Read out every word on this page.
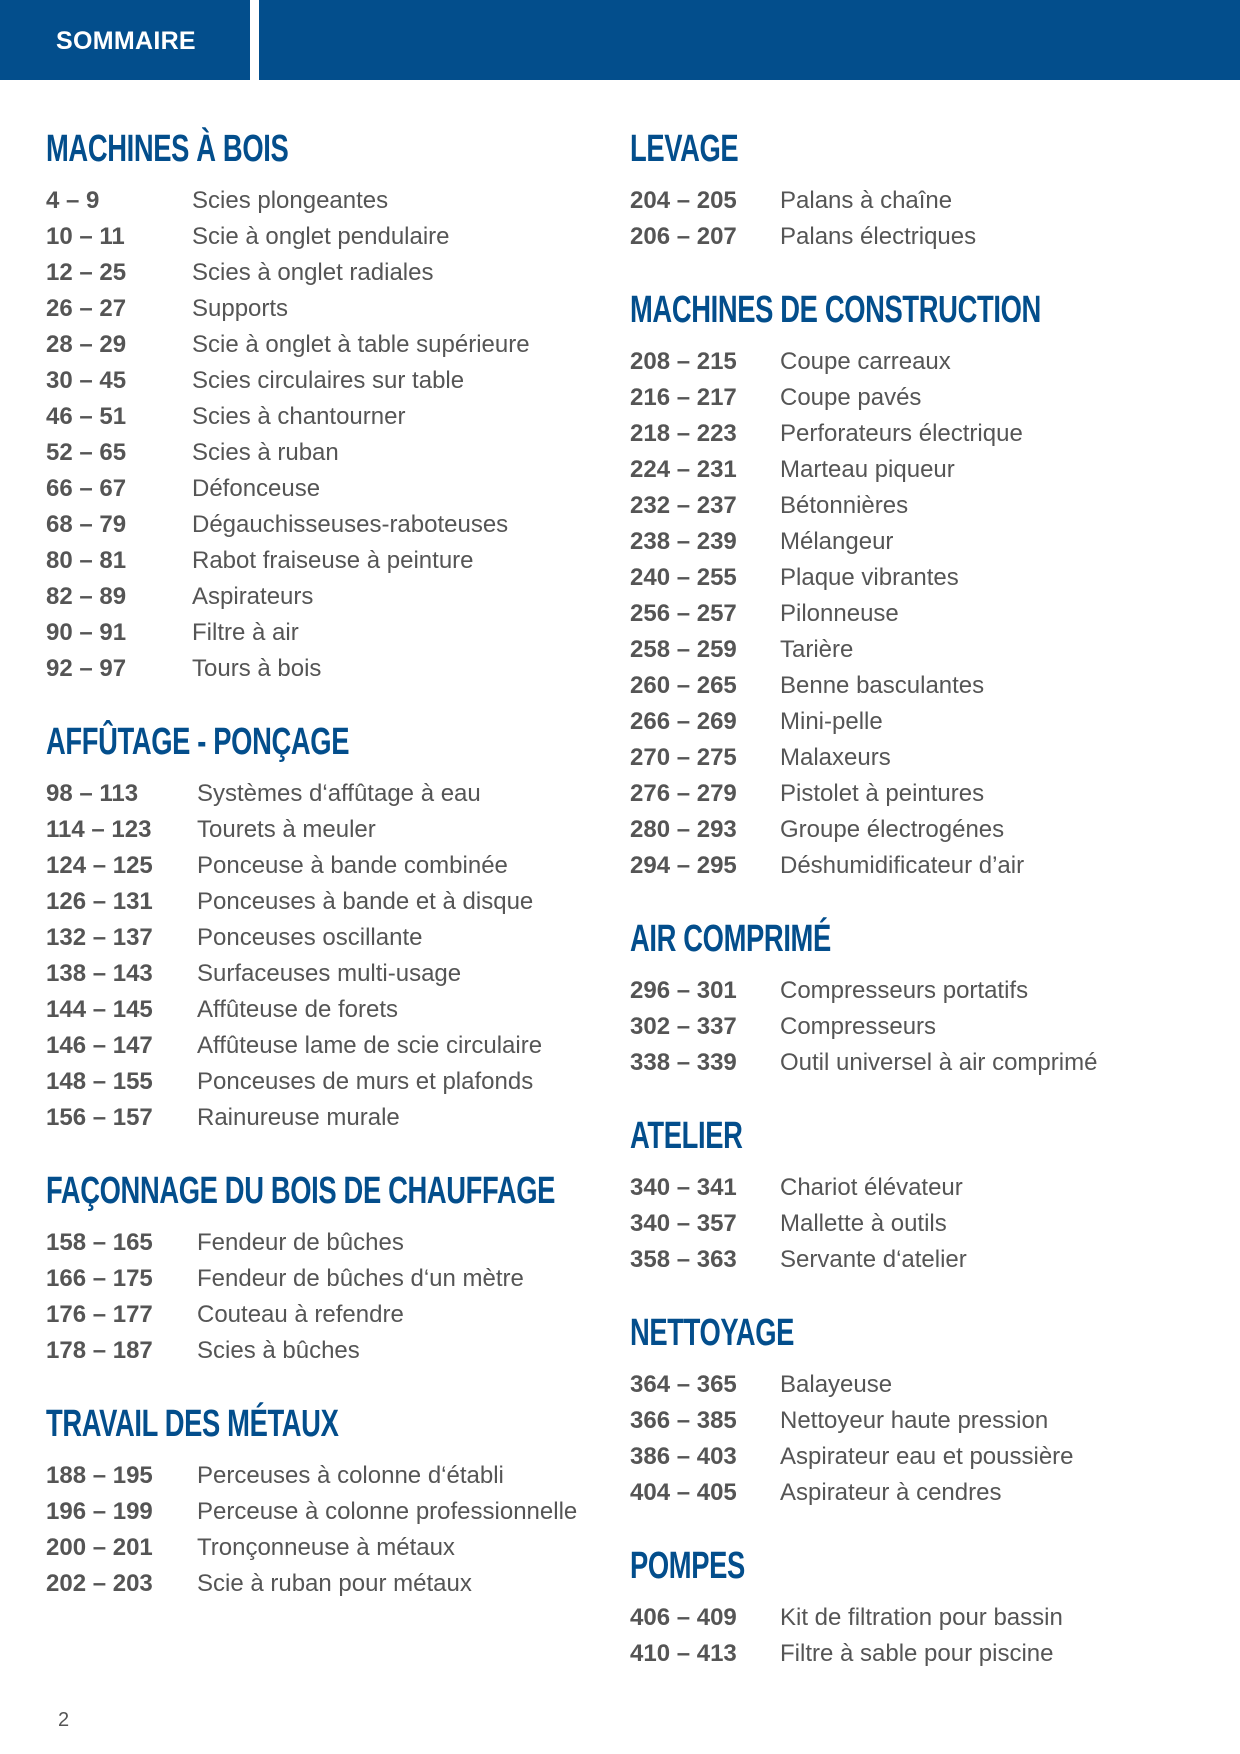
SOMMAIRE
MACHINES À BOIS
4 – 9	Scies plongeantes
10 – 11	Scie à onglet pendulaire
12 – 25	Scies à onglet radiales
26 – 27	Supports
28 – 29	Scie à onglet à table supérieure
30 – 45	Scies circulaires sur table
46 – 51	Scies à chantourner
52 – 65	Scies à ruban
66 – 67	Défonceuse
68 – 79	Dégauchisseuses-raboteuses
80 – 81	Rabot fraiseuse à peinture
82 – 89	Aspirateurs
90 – 91	Filtre à air
92 – 97	Tours à bois
AFFÛTAGE - PONÇAGE
98 – 113	Systèmes d‘affûtage à eau
114 – 123	Tourets à meuler
124 – 125	Ponceuse à bande combinée
126 – 131	Ponceuses à bande et à disque
132 – 137	Ponceuses oscillante
138 – 143	Surfaceuses multi-usage
144 – 145	Affûteuse de forets
146 – 147	Affûteuse lame de scie circulaire
148 – 155	Ponceuses de murs et plafonds
156 – 157	Rainureuse murale
FAÇONNAGE DU BOIS DE CHAUFFAGE
158 – 165	Fendeur de bûches
166 – 175	Fendeur de bûches d‘un mètre
176 – 177	Couteau à refendre
178 – 187	Scies à bûches
TRAVAIL DES MÉTAUX
188 – 195	Perceuses à colonne d‘établi
196 – 199	Perceuse à colonne professionnelle
200 – 201	Tronçonneuse à métaux
202 – 203	Scie à ruban pour métaux
LEVAGE
204 – 205	Palans à chaîne
206 – 207	Palans électriques
MACHINES DE CONSTRUCTION
208 – 215	Coupe carreaux
216 – 217	Coupe pavés
218 – 223	Perforateurs électrique
224 – 231	Marteau piqueur
232 – 237	Bétonnières
238 – 239	Mélangeur
240 – 255	Plaque vibrantes
256 – 257	Pilonneuse
258 – 259	Tarière
260 – 265	Benne basculantes
266 – 269	Mini-pelle
270 – 275	Malaxeurs
276 – 279	Pistolet à peintures
280 – 293	Groupe électrogénes
294 – 295	Déshumidificateur d’air
AIR COMPRIMÉ
296 – 301	Compresseurs portatifs
302 – 337	Compresseurs
338 – 339	Outil universel à air comprimé
ATELIER
340 – 341	Chariot élévateur
340 – 357	Mallette à outils
358 – 363	Servante d‘atelier
NETTOYAGE
364 – 365	Balayeuse
366 – 385	Nettoyeur haute pression
386 – 403	Aspirateur eau et poussière
404 – 405	Aspirateur à cendres
POMPES
406 – 409	Kit de filtration pour bassin
410 – 413	Filtre à sable pour piscine
2
